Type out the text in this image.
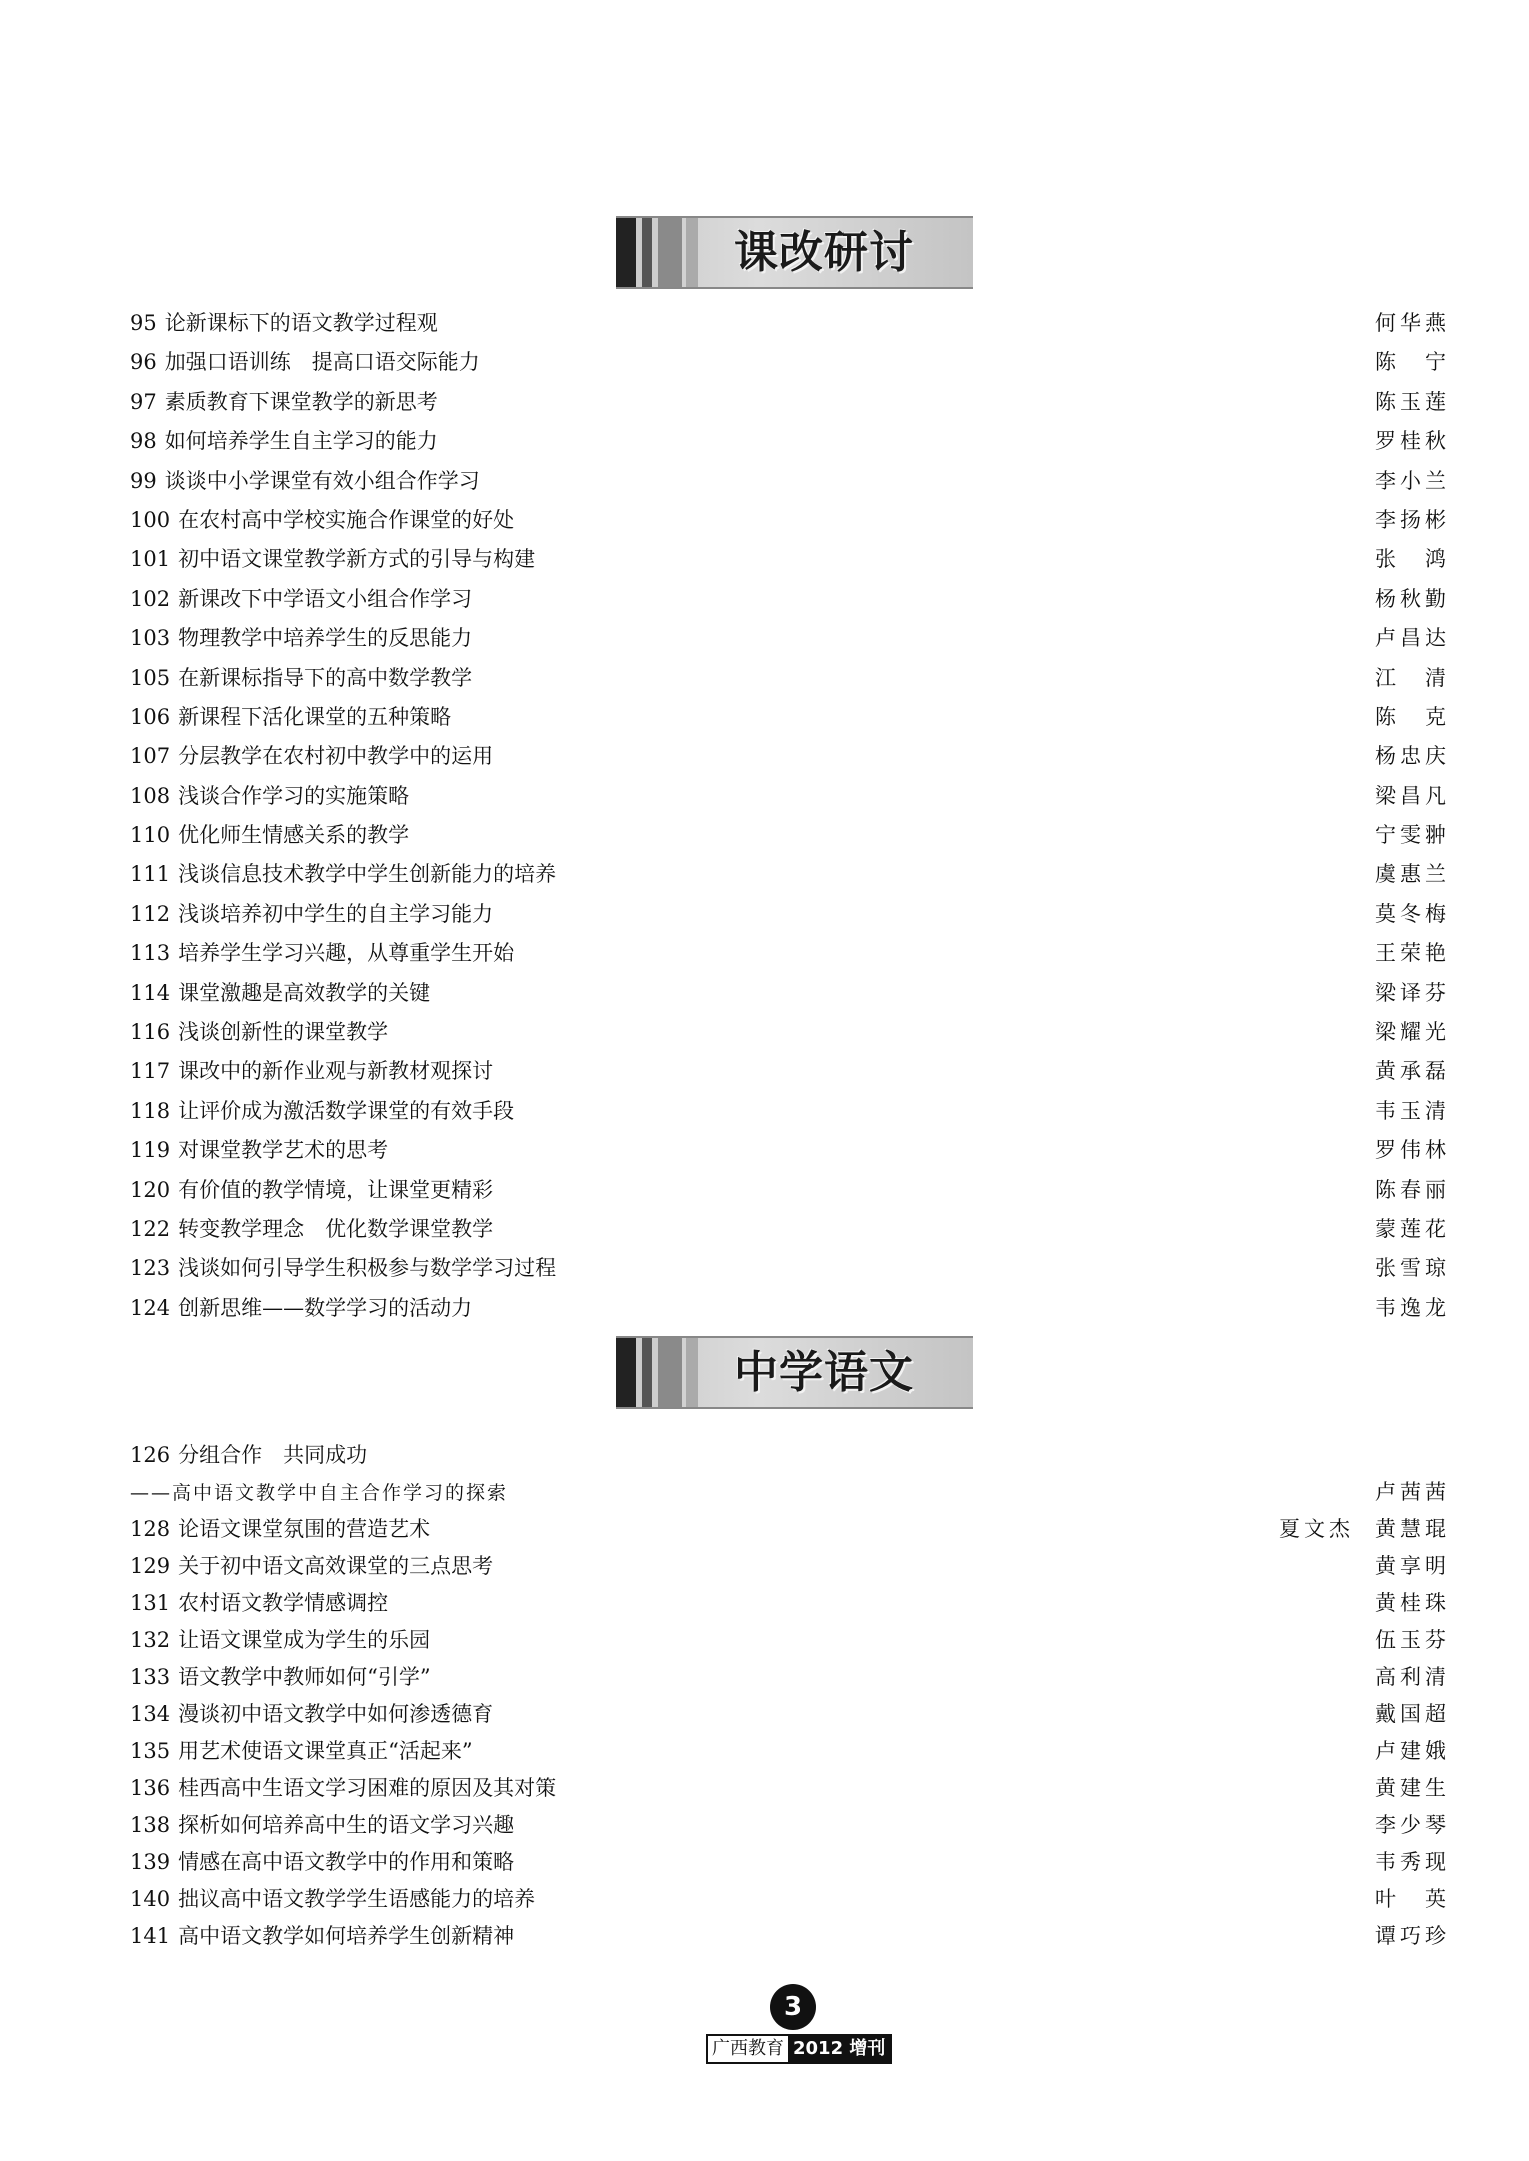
课改研讨
95 论新课标下的语文教学过程观	何华燕
96 加强口语训练　提高口语交际能力	陈　宁
97 素质教育下课堂教学的新思考	陈玉莲
98 如何培养学生自主学习的能力	罗桂秋
99 谈谈中小学课堂有效小组合作学习	李小兰
100 在农村高中学校实施合作课堂的好处	李扬彬
101 初中语文课堂教学新方式的引导与构建	张　鸿
102 新课改下中学语文小组合作学习	杨秋勤
103 物理教学中培养学生的反思能力	卢昌达
105 在新课标指导下的高中数学教学	江　清
106 新课程下活化课堂的五种策略	陈　克
107 分层教学在农村初中教学中的运用	杨忠庆
108 浅谈合作学习的实施策略	梁昌凡
110 优化师生情感关系的教学	宁雯翀
111 浅谈信息技术教学中学生创新能力的培养	虞惠兰
112 浅谈培养初中学生的自主学习能力	莫冬梅
113 培养学生学习兴趣，从尊重学生开始	王荣艳
114 课堂激趣是高效教学的关键	梁译芬
116 浅谈创新性的课堂教学	梁耀光
117 课改中的新作业观与新教材观探讨	黄承磊
118 让评价成为激活数学课堂的有效手段	韦玉清
119 对课堂教学艺术的思考	罗伟林
120 有价值的教学情境，让课堂更精彩	陈春丽
122 转变教学理念　优化数学课堂教学	蒙莲花
123 浅谈如何引导学生积极参与数学学习过程	张雪琼
124 创新思维——数学学习的活动力	韦逸龙
中学语文
126 分组合作　共同成功
——高中语文教学中自主合作学习的探索	卢茜茜
128 论语文课堂氛围的营造艺术	夏文杰 黄慧琨
129 关于初中语文高效课堂的三点思考	黄享明
131 农村语文教学情感调控	黄桂珠
132 让语文课堂成为学生的乐园	伍玉芬
133 语文教学中教师如何“引学”	高利清
134 漫谈初中语文教学中如何渗透德育	戴国超
135 用艺术使语文课堂真正“活起来”	卢建娥
136 桂西高中生语文学习困难的原因及其对策	黄建生
138 探析如何培养高中生的语文学习兴趣	李少琴
139 情感在高中语文教学中的作用和策略	韦秀现
140 拙议高中语文教学学生语感能力的培养	叶　英
141 高中语文教学如何培养学生创新精神	谭巧珍
3
广西教育 2012 增刊
